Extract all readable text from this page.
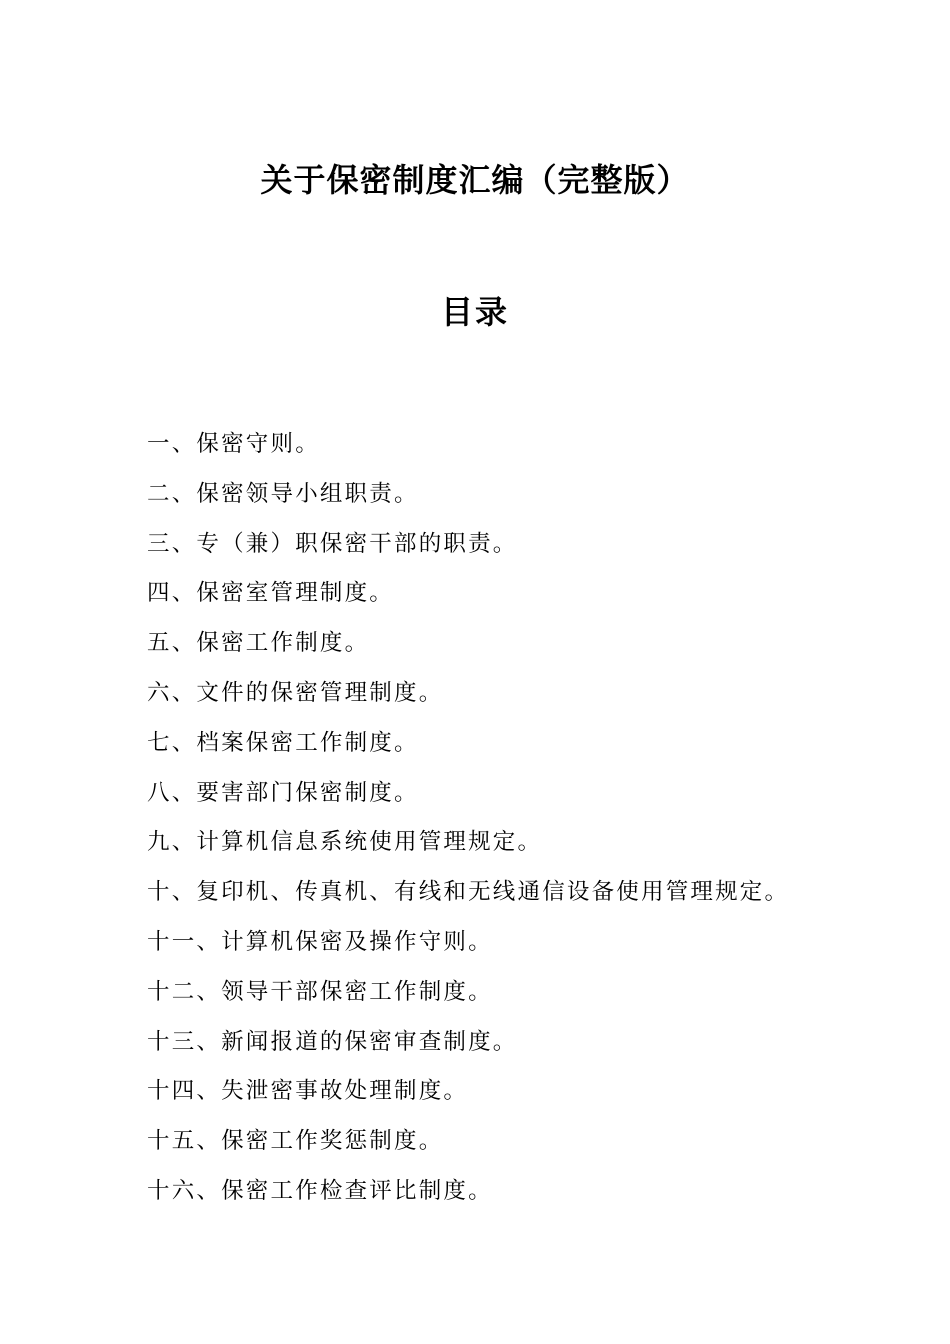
关于保密制度汇编（完整版）
目录
一、保密守则。
二、保密领导小组职责。
三、专（兼）职保密干部的职责。
四、保密室管理制度。
五、保密工作制度。
六、文件的保密管理制度。
七、档案保密工作制度。
八、要害部门保密制度。
九、计算机信息系统使用管理规定。
十、复印机、传真机、有线和无线通信设备使用管理规定。
十一、计算机保密及操作守则。
十二、领导干部保密工作制度。
十三、新闻报道的保密审查制度。
十四、失泄密事故处理制度。
十五、保密工作奖惩制度。
十六、保密工作检查评比制度。
